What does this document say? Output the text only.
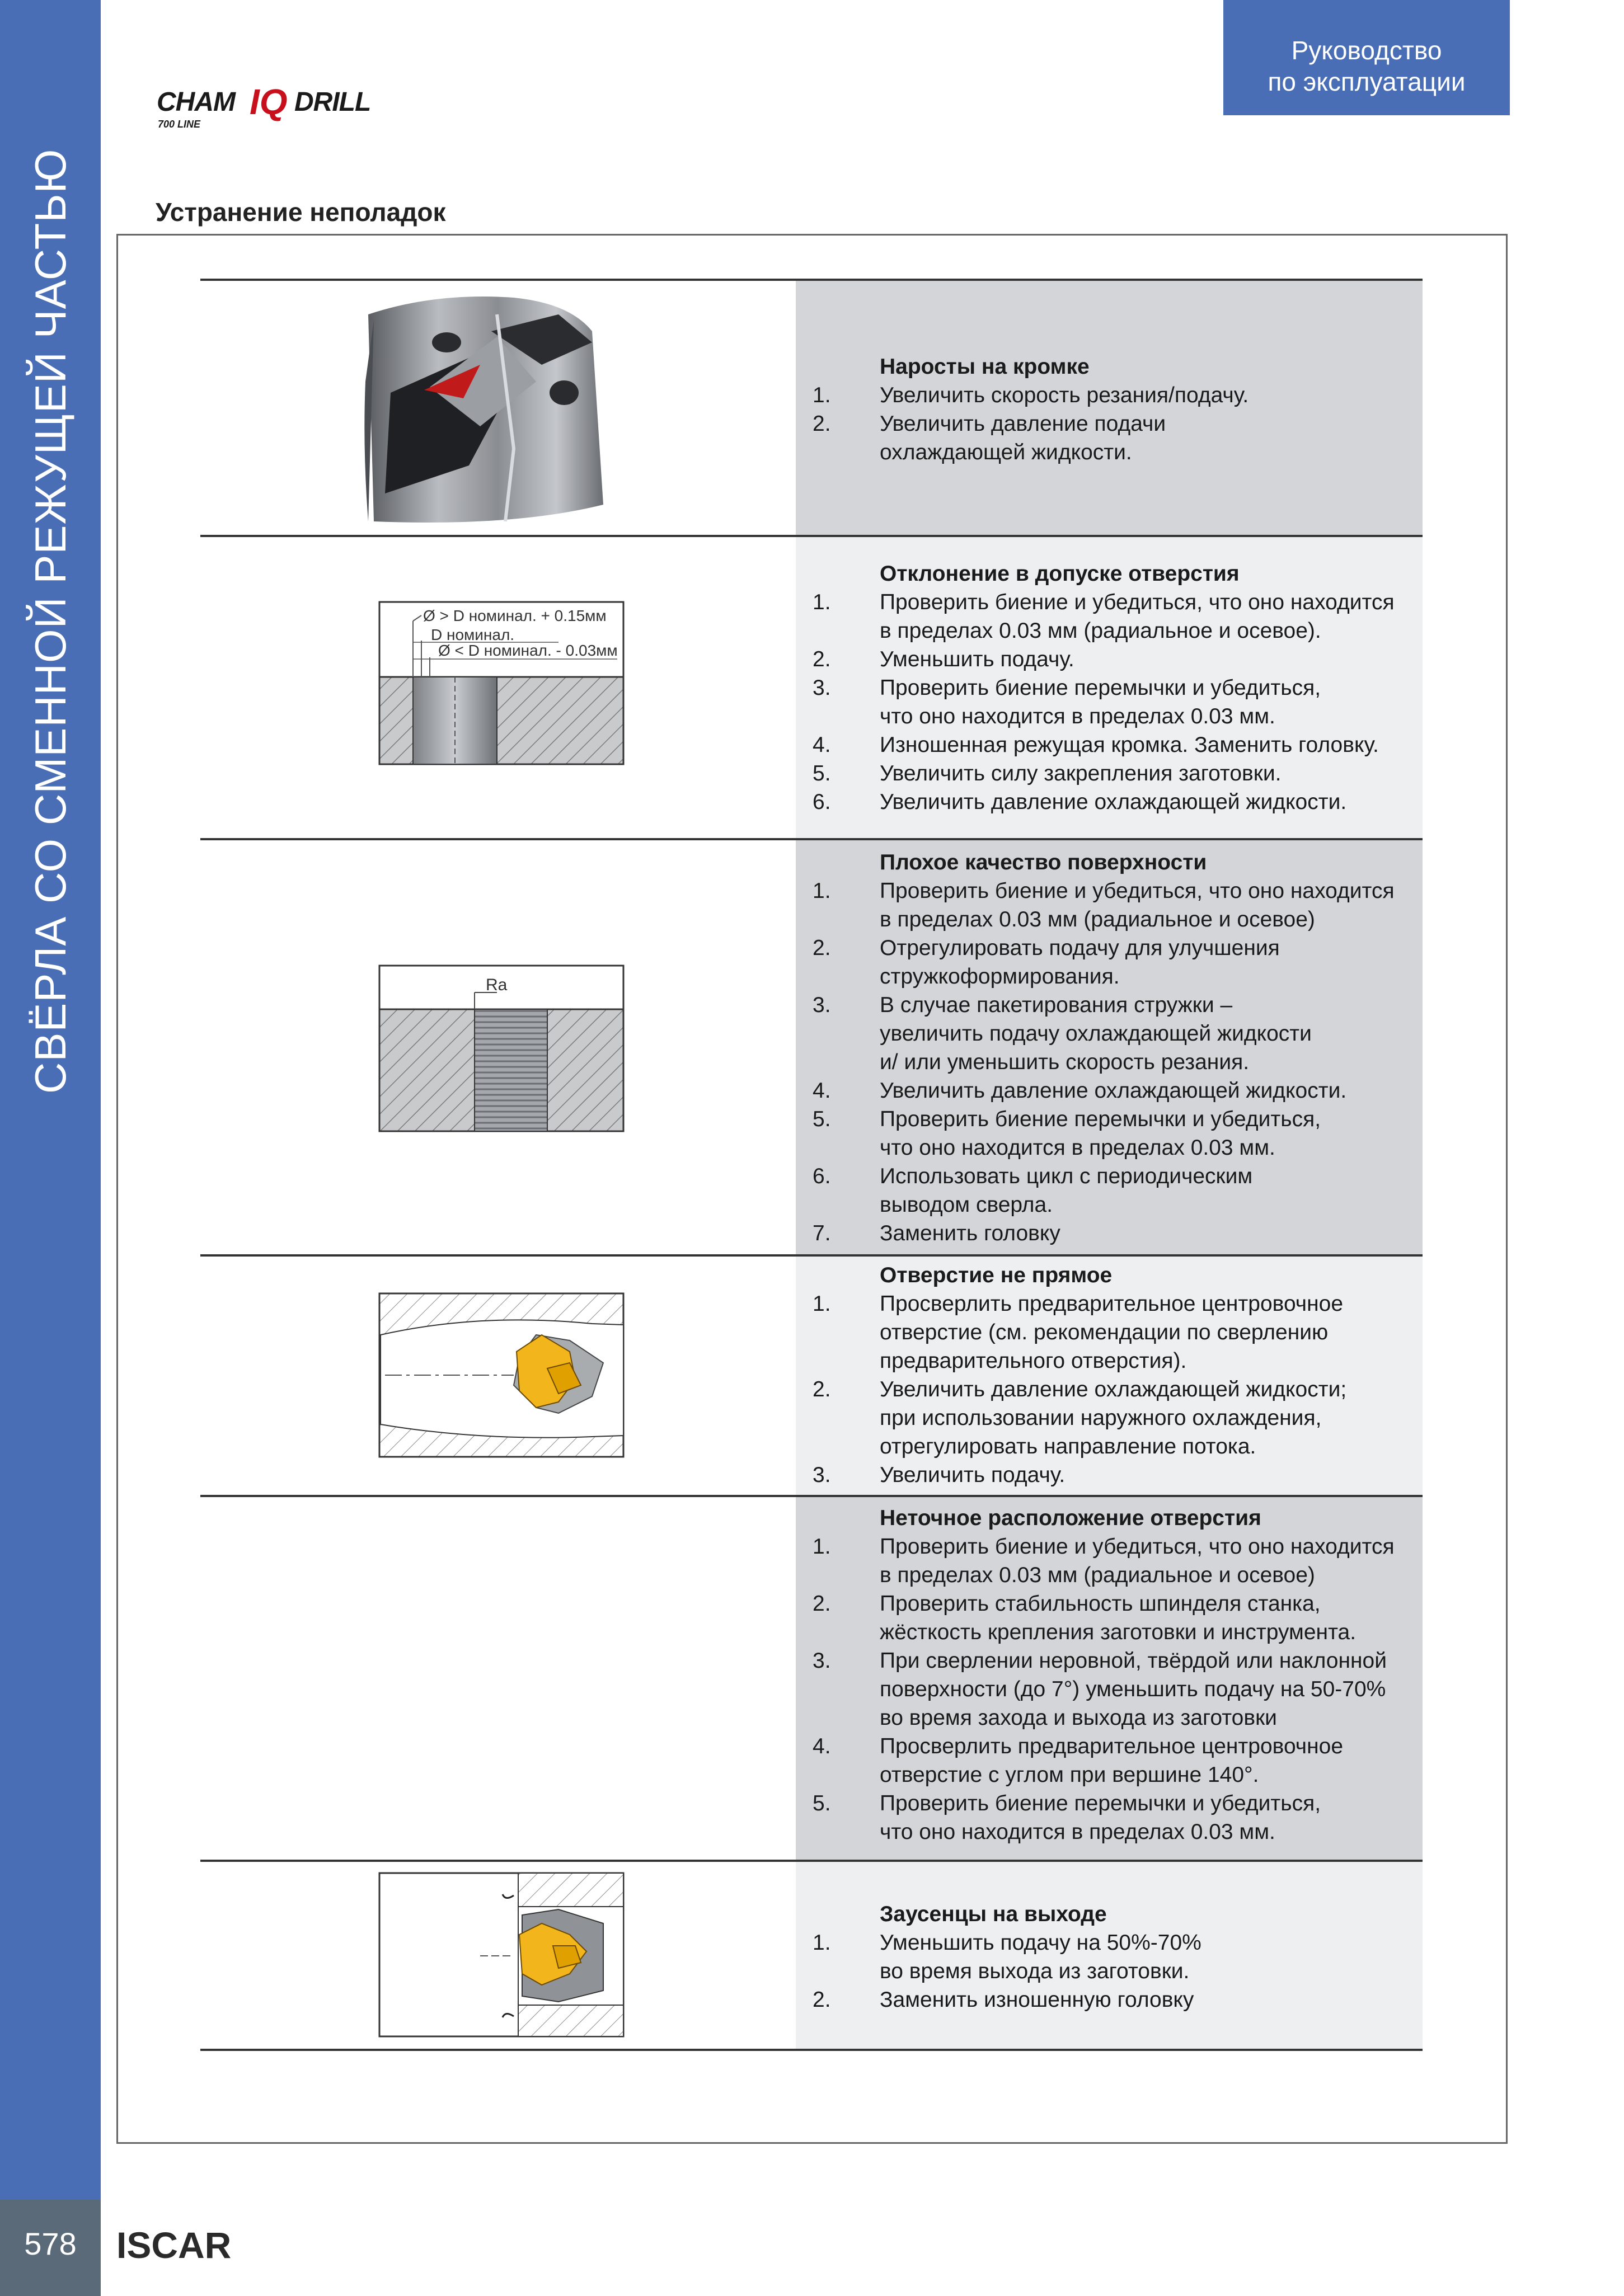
СВЁРЛА СО СМЕННОЙ РЕЖУЩЕЙ ЧАСТЬЮ
578	ISCAR
Руководство
по эксплуатации
CHAM IQ DRILL
700 LINE
Устранение неполадок
Наросты на кромке
1.	Увеличить скорость резания/подачу.
2.	Увеличить давление подачи
охлаждающей жидкости.
Ø > D номинал. + 0.15мм
D номинал.
Ø < D номинал. - 0.03мм
Отклонение в допуске отверстия
1.	Проверить биение и убедиться, что оно находится
в пределах 0.03 мм (радиальное и осевое).
2.	Уменьшить подачу.
3.	Проверить биение перемычки и убедиться,
что оно находится в пределах 0.03 мм.
4.	Изношенная режущая кромка. Заменить головку.
5.	Увеличить силу закрепления заготовки.
6.	Увеличить давление охлаждающей жидкости.
Ra
Плохое качество поверхности
1.	Проверить биение и убедиться, что оно находится
в пределах 0.03 мм (радиальное и осевое)
2.	Отрегулировать подачу для улучшения
стружкоформирования.
3.	В случае пакетирования стружки –
увеличить подачу охлаждающей жидкости
и/ или уменьшить скорость резания.
4.	Увеличить давление охлаждающей жидкости.
5.	Проверить биение перемычки и убедиться,
что оно находится в пределах 0.03 мм.
6.	Использовать цикл с периодическим
выводом сверла.
7.	Заменить головку
Отверстие не прямое
1.	Просверлить предварительное центровочное
отверстие (см. рекомендации по сверлению
предварительного отверстия).
2.	Увеличить давление охлаждающей жидкости;
при использовании наружного охлаждения,
отрегулировать направление потока.
3.	Увеличить подачу.
Неточное расположение отверстия
1.	Проверить биение и убедиться, что оно находится
в пределах 0.03 мм (радиальное и осевое)
2.	Проверить стабильность шпинделя станка,
жёсткость крепления заготовки и инструмента.
3.	При сверлении неровной, твёрдой или наклонной
поверхности (до 7°) уменьшить подачу на 50-70%
во время захода и выхода из заготовки
4.	Просверлить предварительное центровочное
отверстие с углом при вершине 140°.
5.	Проверить биение перемычки и убедиться,
что оно находится в пределах 0.03 мм.
Заусенцы на выходе
1.	Уменьшить подачу на 50%-70%
во время выхода из заготовки.
2.	Заменить изношенную головку
